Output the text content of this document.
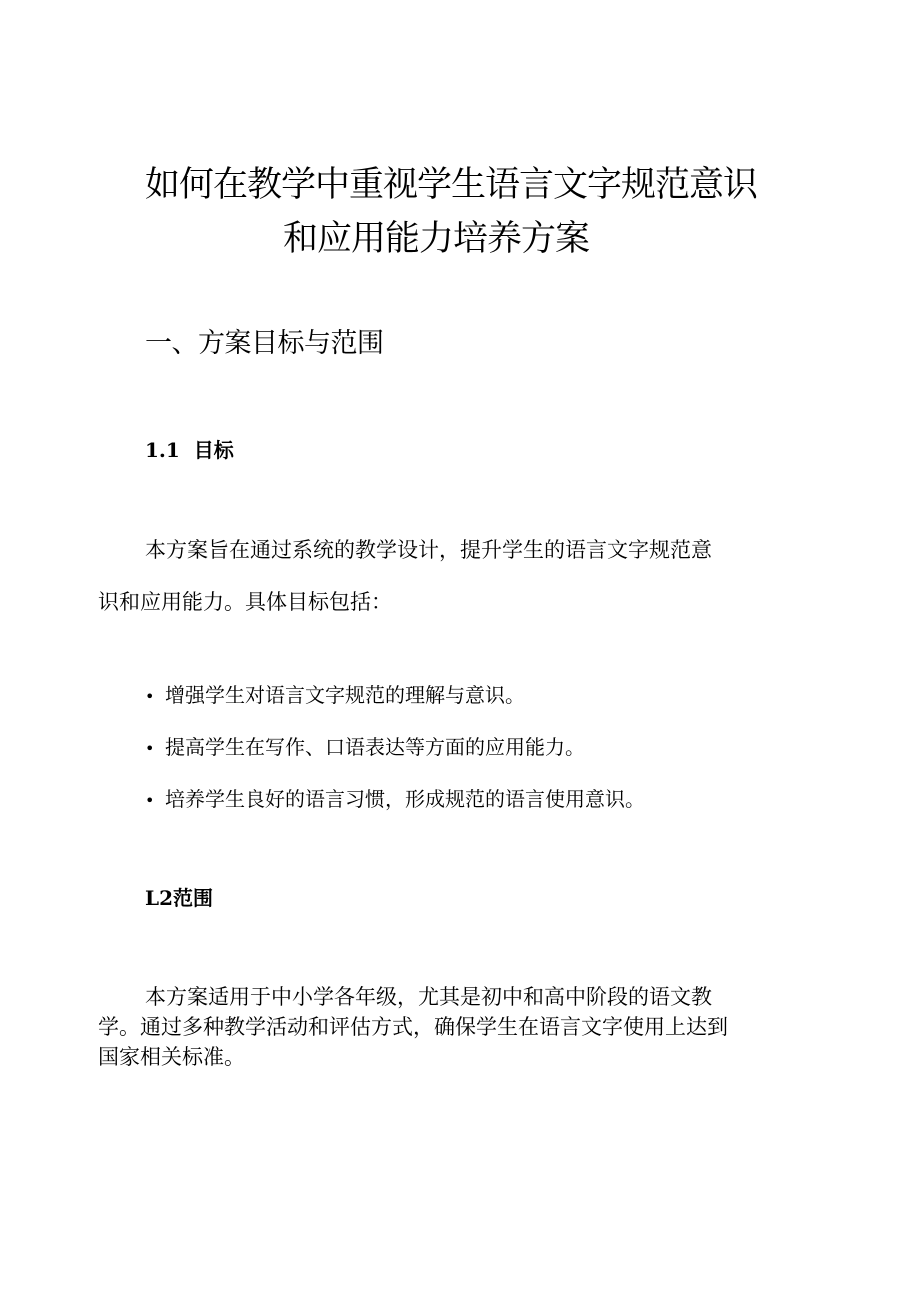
如何在教学中重视学生语言文字规范意识
和应用能力培养方案
一、方案目标与范围
1.1 目标
本方案旨在通过系统的教学设计，提升学生的语言文字规范意
识和应用能力。具体目标包括：
• 增强学生对语言文字规范的理解与意识。
• 提高学生在写作、口语表达等方面的应用能力。
• 培养学生良好的语言习惯，形成规范的语言使用意识。
L2范围
本方案适用于中小学各年级，尤其是初中和高中阶段的语文教
学。通过多种教学活动和评估方式，确保学生在语言文字使用上达到
国家相关标准。
